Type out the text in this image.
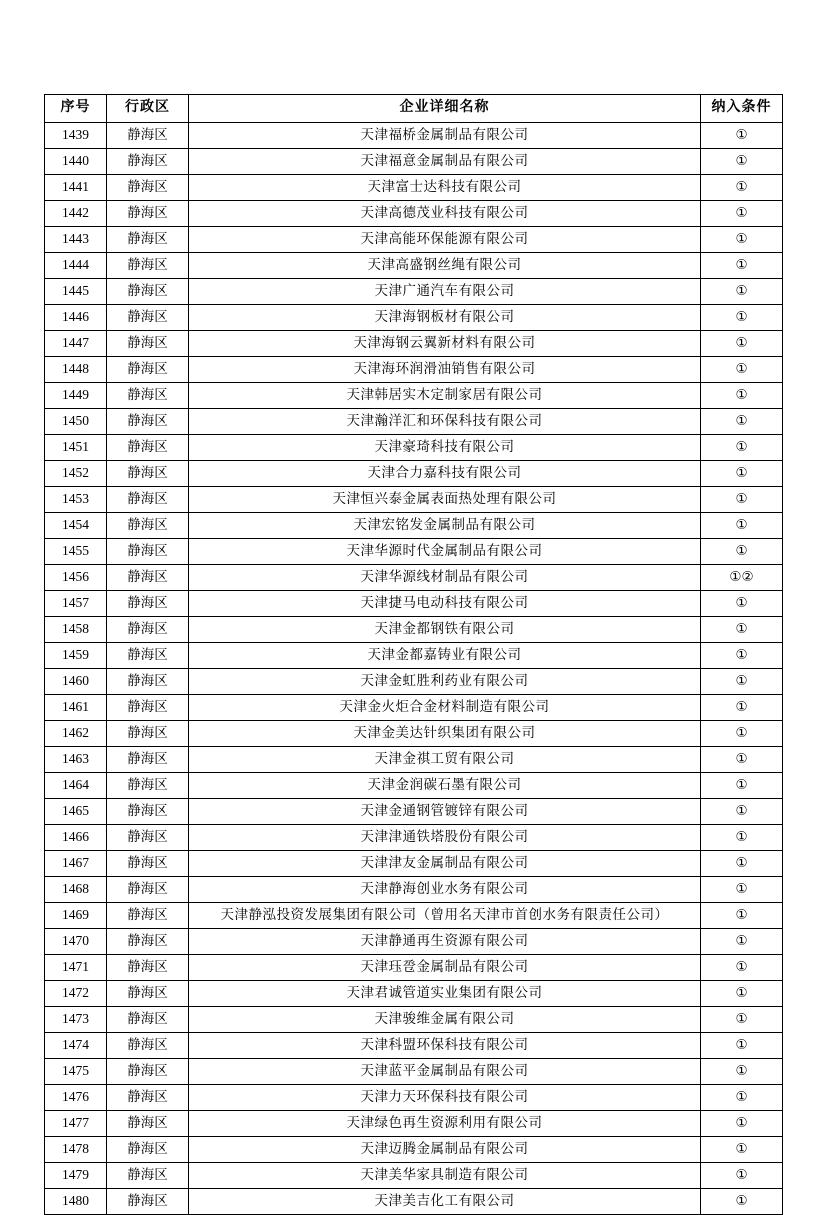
序号	行政区	企业详细名称	纳入条件
1439	静海区	天津福桥金属制品有限公司	①
1440	静海区	天津福意金属制品有限公司	①
1441	静海区	天津富士达科技有限公司	①
1442	静海区	天津高德茂业科技有限公司	①
1443	静海区	天津高能环保能源有限公司	①
1444	静海区	天津高盛钢丝绳有限公司	①
1445	静海区	天津广通汽车有限公司	①
1446	静海区	天津海钢板材有限公司	①
1447	静海区	天津海钢云翼新材料有限公司	①
1448	静海区	天津海环润滑油销售有限公司	①
1449	静海区	天津韩居实木定制家居有限公司	①
1450	静海区	天津瀚洋汇和环保科技有限公司	①
1451	静海区	天津豪琦科技有限公司	①
1452	静海区	天津合力嘉科技有限公司	①
1453	静海区	天津恒兴泰金属表面热处理有限公司	①
1454	静海区	天津宏铭发金属制品有限公司	①
1455	静海区	天津华源时代金属制品有限公司	①
1456	静海区	天津华源线材制品有限公司	①②
1457	静海区	天津捷马电动科技有限公司	①
1458	静海区	天津金都钢铁有限公司	①
1459	静海区	天津金都嘉铸业有限公司	①
1460	静海区	天津金虹胜利药业有限公司	①
1461	静海区	天津金火炬合金材料制造有限公司	①
1462	静海区	天津金美达针织集团有限公司	①
1463	静海区	天津金祺工贸有限公司	①
1464	静海区	天津金润碳石墨有限公司	①
1465	静海区	天津金通钢管镀锌有限公司	①
1466	静海区	天津津通铁塔股份有限公司	①
1467	静海区	天津津友金属制品有限公司	①
1468	静海区	天津静海创业水务有限公司	①
1469	静海区	天津静泓投资发展集团有限公司（曾用名天津市首创水务有限责任公司）	①
1470	静海区	天津静通再生资源有限公司	①
1471	静海区	天津珏卺金属制品有限公司	①
1472	静海区	天津君诚管道实业集团有限公司	①
1473	静海区	天津骏维金属有限公司	①
1474	静海区	天津科盟环保科技有限公司	①
1475	静海区	天津蓝平金属制品有限公司	①
1476	静海区	天津力天环保科技有限公司	①
1477	静海区	天津绿色再生资源利用有限公司	①
1478	静海区	天津迈腾金属制品有限公司	①
1479	静海区	天津美华家具制造有限公司	①
1480	静海区	天津美吉化工有限公司	①
